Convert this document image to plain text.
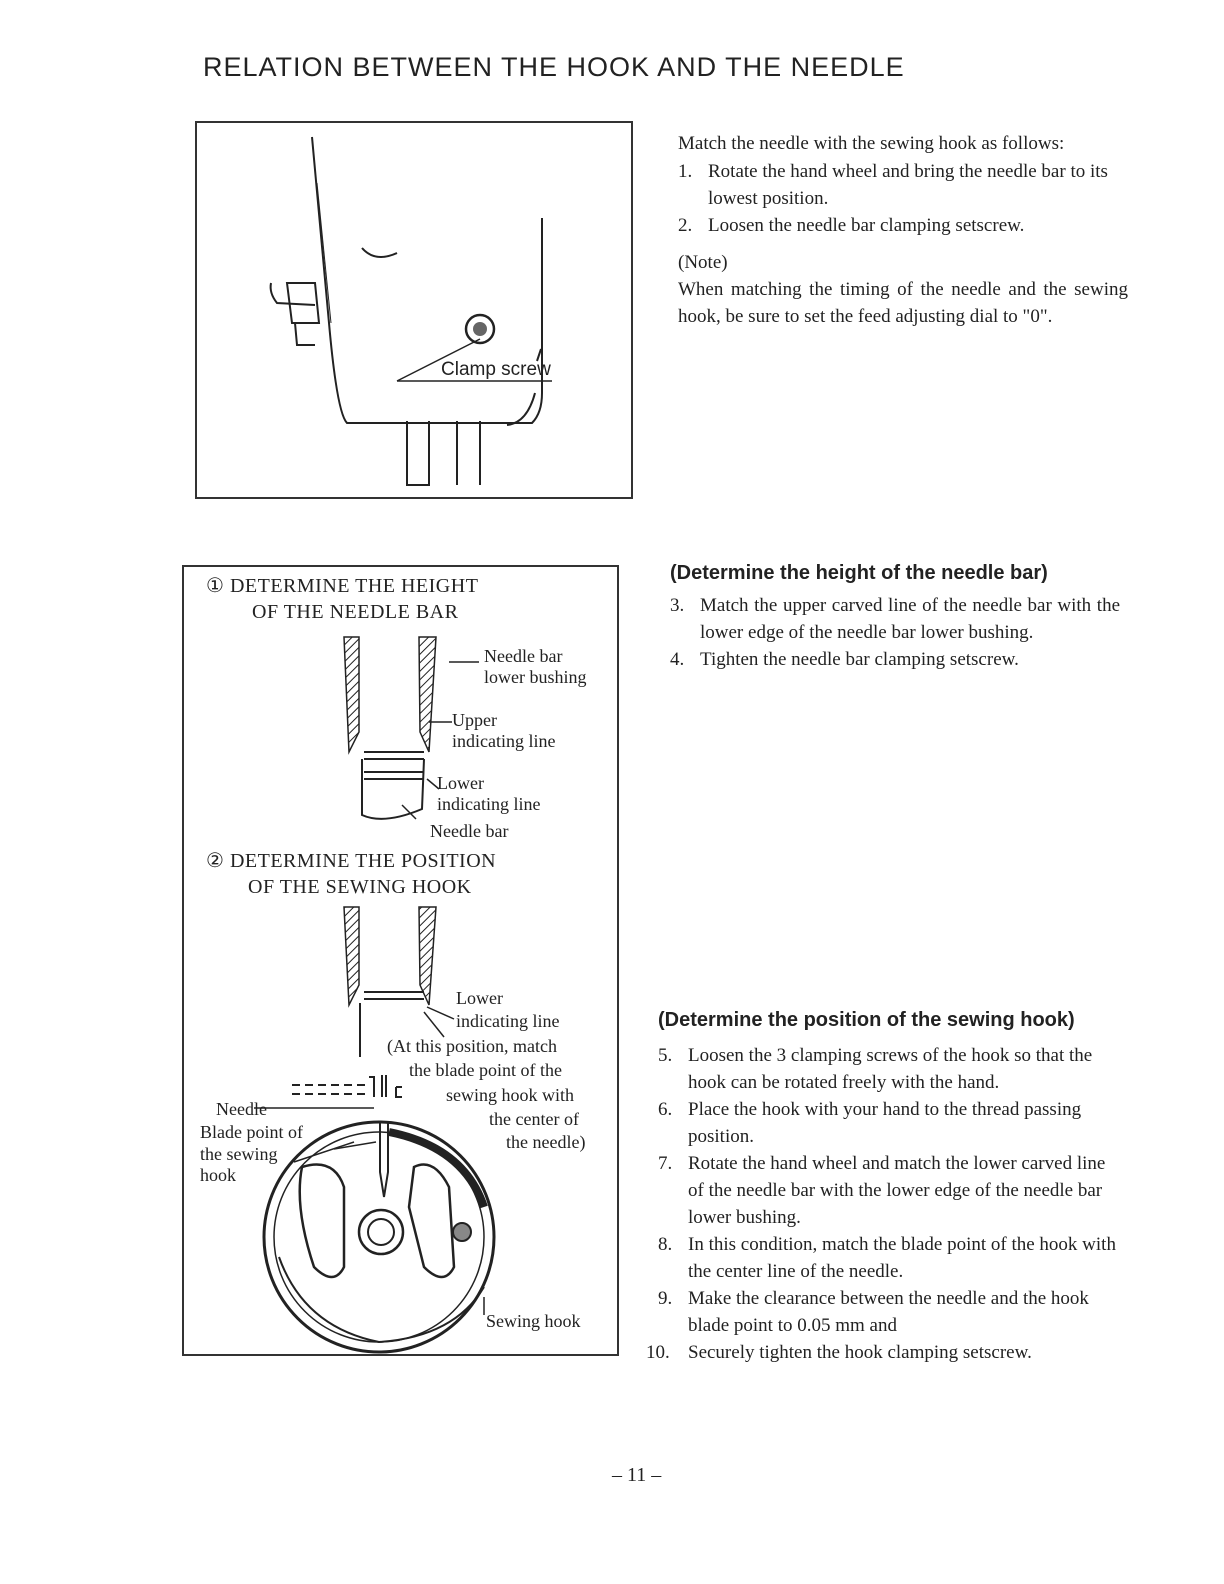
RELATION BETWEEN THE HOOK AND THE NEEDLE
Clamp screw

Match the needle with the sewing hook as follows:

1. Rotate the hand wheel and bring the needle bar to its lowest position.
2. Loosen the needle bar clamping setscrew.

(Note)

When matching the timing of the needle and the sewing hook, be sure to set the feed adjusting dial to "0".

① DETERMINE THE HEIGHT
OF THE NEEDLE BAR
Needle bar
lower bushing
Upper
indicating line
Lower
indicating line
Needle bar
② DETERMINE THE POSITION
OF THE SEWING HOOK
Lower
indicating line
(At this position, match
the blade point of the
sewing hook with
the center of
the needle)
Needle
Blade point of
the sewing
hook
Sewing hook
(Determine the height of the needle bar)
3. Match the upper carved line of the needle bar with the lower edge of the needle bar lower bushing.
4. Tighten the needle bar clamping setscrew.
(Determine the position of the sewing hook)
5. Loosen the 3 clamping screws of the hook so that the hook can be rotated freely with the hand.
6. Place the hook with your hand to the thread passing position.
7. Rotate the hand wheel and match the lower carved line of the needle bar with the lower edge of the needle bar lower bushing.
8. In this condition, match the blade point of the hook with the center line of the needle.
9. Make the clearance between the needle and the hook blade point to 0.05 mm and
10. Securely tighten the hook clamping setscrew.
– 11 –
